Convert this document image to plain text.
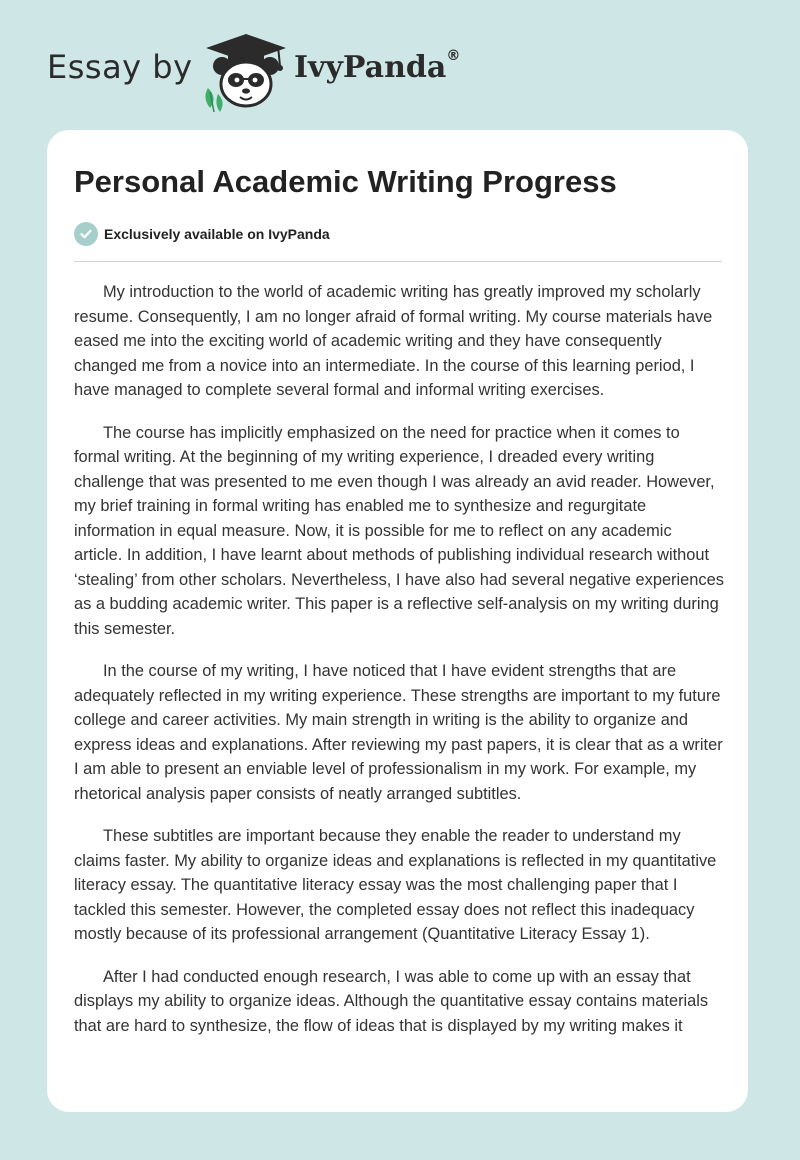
Essay by	IvyPanda®
Personal Academic Writing Progress
Exclusively available on IvyPanda

My introduction to the world of academic writing has greatly improved my scholarly resume. Consequently, I am no longer afraid of formal writing. My course materials have eased me into the exciting world of academic writing and they have consequently changed me from a novice into an intermediate. In the course of this learning period, I have managed to complete several formal and informal writing exercises.

The course has implicitly emphasized on the need for practice when it comes to formal writing. At the beginning of my writing experience, I dreaded every writing challenge that was presented to me even though I was already an avid reader. However, my brief training in formal writing has enabled me to synthesize and regurgitate information in equal measure. Now, it is possible for me to reflect on any academic article. In addition, I have learnt about methods of publishing individual research without ‘stealing’ from other scholars. Nevertheless, I have also had several negative experiences as a budding academic writer. This paper is a reflective self-analysis on my writing during this semester.

In the course of my writing, I have noticed that I have evident strengths that are adequately reflected in my writing experience. These strengths are important to my future college and career activities. My main strength in writing is the ability to organize and express ideas and explanations. After reviewing my past papers, it is clear that as a writer I am able to present an enviable level of professionalism in my work. For example, my rhetorical analysis paper consists of neatly arranged subtitles.

These subtitles are important because they enable the reader to understand my claims faster. My ability to organize ideas and explanations is reflected in my quantitative literacy essay. The quantitative literacy essay was the most challenging paper that I tackled this semester. However, the completed essay does not reflect this inadequacy mostly because of its professional arrangement (Quantitative Literacy Essay 1).

After I had conducted enough research, I was able to come up with an essay that displays my ability to organize ideas. Although the quantitative essay contains materials that are hard to synthesize, the flow of ideas that is displayed by my writing makes it
